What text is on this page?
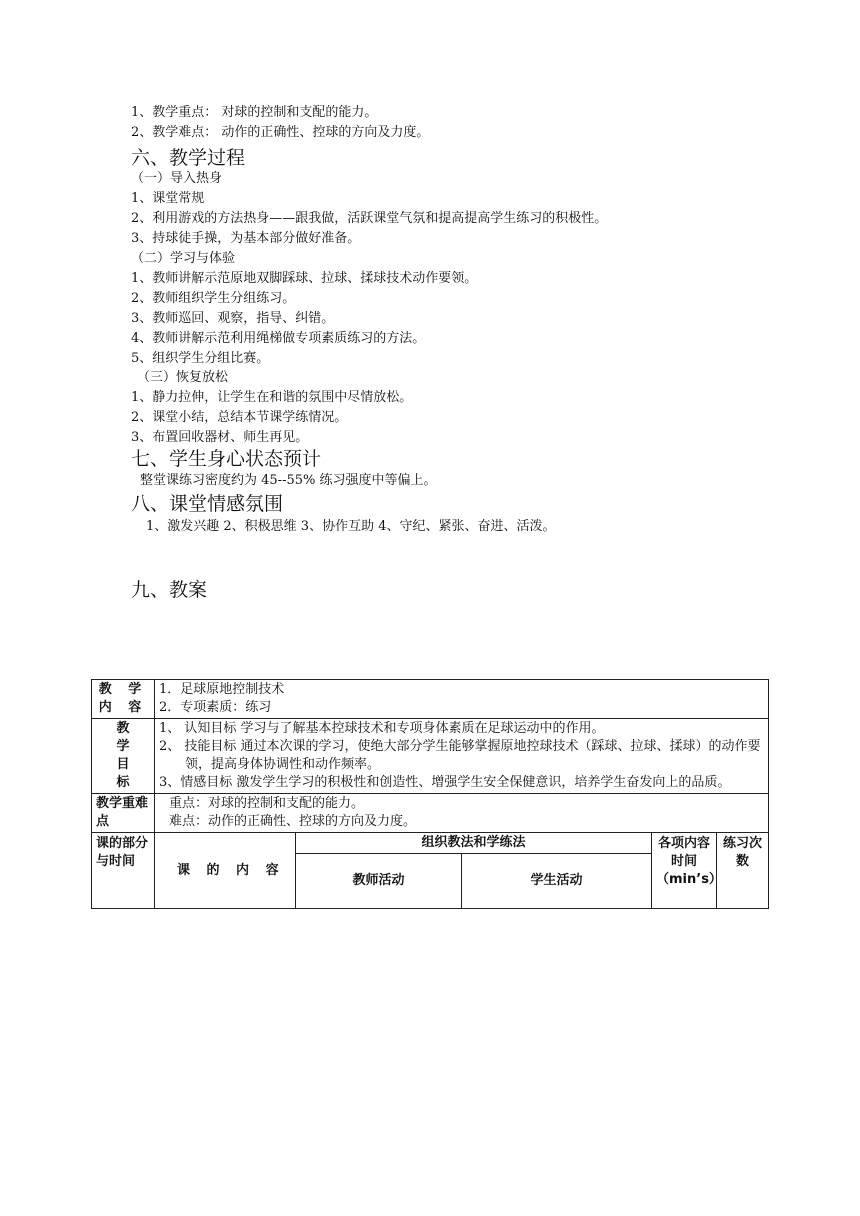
1、教学重点： 对球的控制和支配的能力。
2、教学难点： 动作的正确性、控球的方向及力度。
六、教学过程
（一）导入热身
1、课堂常规
2、利用游戏的方法热身——跟我做，活跃课堂气氛和提高提高学生练习的积极性。
3、持球徒手操，为基本部分做好准备。
（二）学习与体验
1、教师讲解示范原地双脚踩球、拉球、揉球技术动作要领。
2、教师组织学生分组练习。
3、教师巡回、观察，指导、纠错。
4、教师讲解示范利用绳梯做专项素质练习的方法。
5、组织学生分组比赛。
（三）恢复放松
1、静力拉伸，让学生在和谐的氛围中尽情放松。
2、课堂小结，总结本节课学练情况。
3、布置回收器材、师生再见。
七、学生身心状态预计
整堂课练习密度约为 45--55% 练习强度中等偏上。
八、课堂情感氛围
1、激发兴趣 2、积极思维 3、协作互助 4、守纪、紧张、奋进、活泼。
九、教案
教 学 内 容	1．足球原地控制技术
2．专项素质：练习				

教 学 目 标	1、 认知目标 学习与了解基本控球技术和专项身体素质在足球运动中的作用。
2、 技能目标 通过本次课的学习，使绝大部分学生能够掌握原地控球技术（踩球、拉球、揉球）的动作要领，提高身体协调性和动作频率。
3、情感目标 激发学生学习的积极性和创造性、增强学生安全保健意识，培养学生奋发向上的品质。				

教学重难点	重点：对球的控制和支配的能力。
难点：动作的正确性、控球的方向及力度。				

课的部分与时间	课 的 内 容	组织教法和学练法		各项内容时间（min’s）	练习次数
		教师活动	学生活动		
